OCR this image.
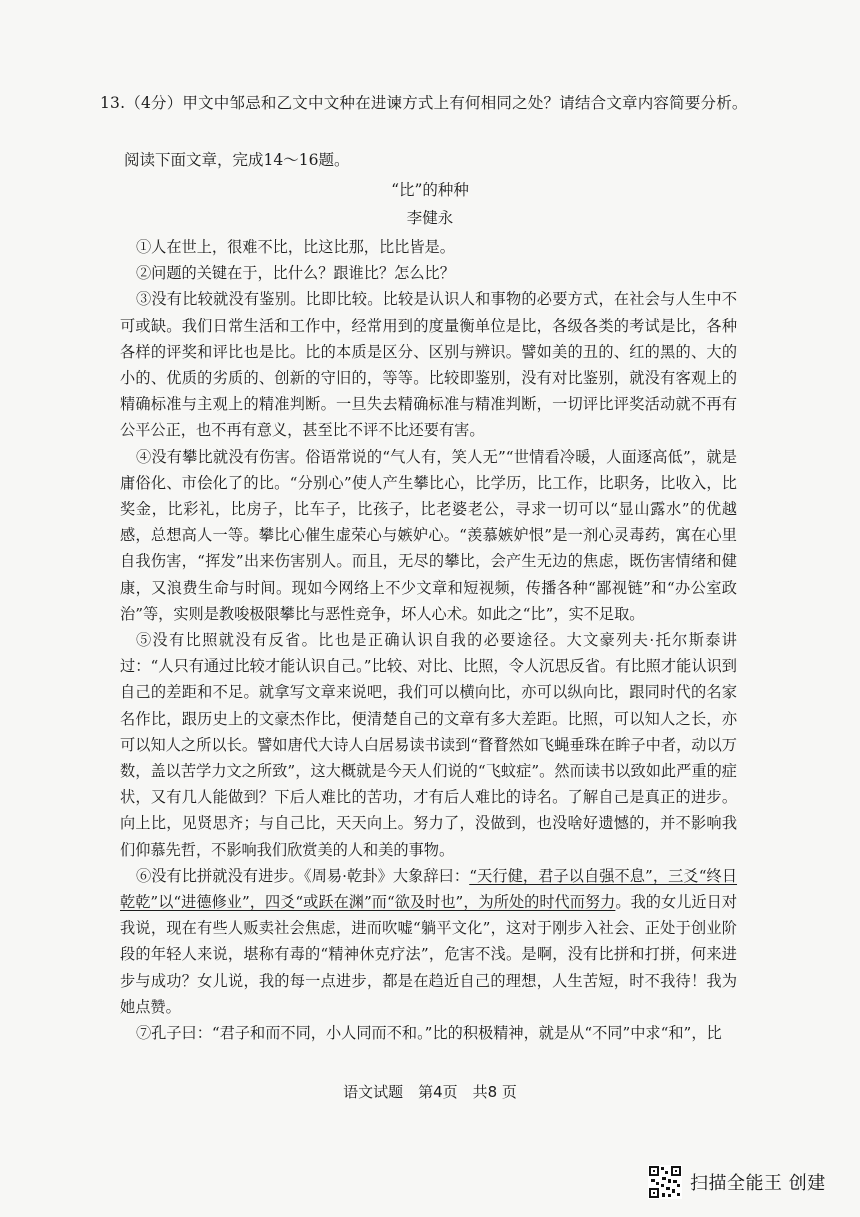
13.（4分）甲文中邹忌和乙文中文种在进谏方式上有何相同之处？请结合文章内容简要分析。
阅读下面文章，完成14～16题。
“比”的种种
李健永

①人在世上，很难不比，比这比那，比比皆是。

②问题的关键在于，比什么？跟谁比？怎么比？

③没有比较就没有鉴别。比即比较。比较是认识人和事物的必要方式，在社会与人生中不可或缺。我们日常生活和工作中，经常用到的度量衡单位是比，各级各类的考试是比，各种各样的评奖和评比也是比。比的本质是区分、区别与辨识。譬如美的丑的、红的黑的、大的小的、优质的劣质的、创新的守旧的，等等。比较即鉴别，没有对比鉴别，就没有客观上的精确标准与主观上的精准判断。一旦失去精确标准与精准判断，一切评比评奖活动就不再有公平公正，也不再有意义，甚至比不评不比还要有害。

④没有攀比就没有伤害。俗语常说的“气人有，笑人无”“世情看冷暖，人面逐高低”，就是庸俗化、市侩化了的比。“分别心”使人产生攀比心，比学历，比工作，比职务，比收入，比奖金，比彩礼，比房子，比车子，比孩子，比老婆老公，寻求一切可以“显山露水”的优越感，总想高人一等。攀比心催生虚荣心与嫉妒心。“羡慕嫉妒恨”是一剂心灵毒药，寓在心里自我伤害，“挥发”出来伤害别人。而且，无尽的攀比，会产生无边的焦虑，既伤害情绪和健康，又浪费生命与时间。现如今网络上不少文章和短视频，传播各种“鄙视链”和“办公室政治”等，实则是教唆极限攀比与恶性竞争，坏人心术。如此之“比”，实不足取。

⑤没有比照就没有反省。比也是正确认识自我的必要途径。大文豪列夫·托尔斯泰讲过：“人只有通过比较才能认识自己。”比较、对比、比照，令人沉思反省。有比照才能认识到自己的差距和不足。就拿写文章来说吧，我们可以横向比，亦可以纵向比，跟同时代的名家名作比，跟历史上的文豪杰作比，便清楚自己的文章有多大差距。比照，可以知人之长，亦可以知人之所以长。譬如唐代大诗人白居易读书读到“瞀瞀然如飞蝇垂珠在眸子中者，动以万数，盖以苦学力文之所致”，这大概就是今天人们说的“飞蚊症”。然而读书以致如此严重的症状，又有几人能做到？下后人难比的苦功，才有后人难比的诗名。了解自己是真正的进步。向上比，见贤思齐；与自己比，天天向上。努力了，没做到，也没啥好遗憾的，并不影响我们仰慕先哲，不影响我们欣赏美的人和美的事物。

⑥没有比拼就没有进步。《周易·乾卦》大象辞曰：“天行健，君子以自强不息”，三爻“终日乾乾”以“进德修业”，四爻“或跃在渊”而“欲及时也”，为所处的时代而努力。我的女儿近日对我说，现在有些人贩卖社会焦虑，进而吹嘘“躺平文化”，这对于刚步入社会、正处于创业阶段的年轻人来说，堪称有毒的“精神休克疗法”，危害不浅。是啊，没有比拼和打拼，何来进步与成功？女儿说，我的每一点进步，都是在趋近自己的理想，人生苦短，时不我待！我为她点赞。

⑦孔子曰：“君子和而不同，小人同而不和。”比的积极精神，就是从“不同”中求“和”，比

语文试题　第4页　共8 页
扫描全能王 创建
